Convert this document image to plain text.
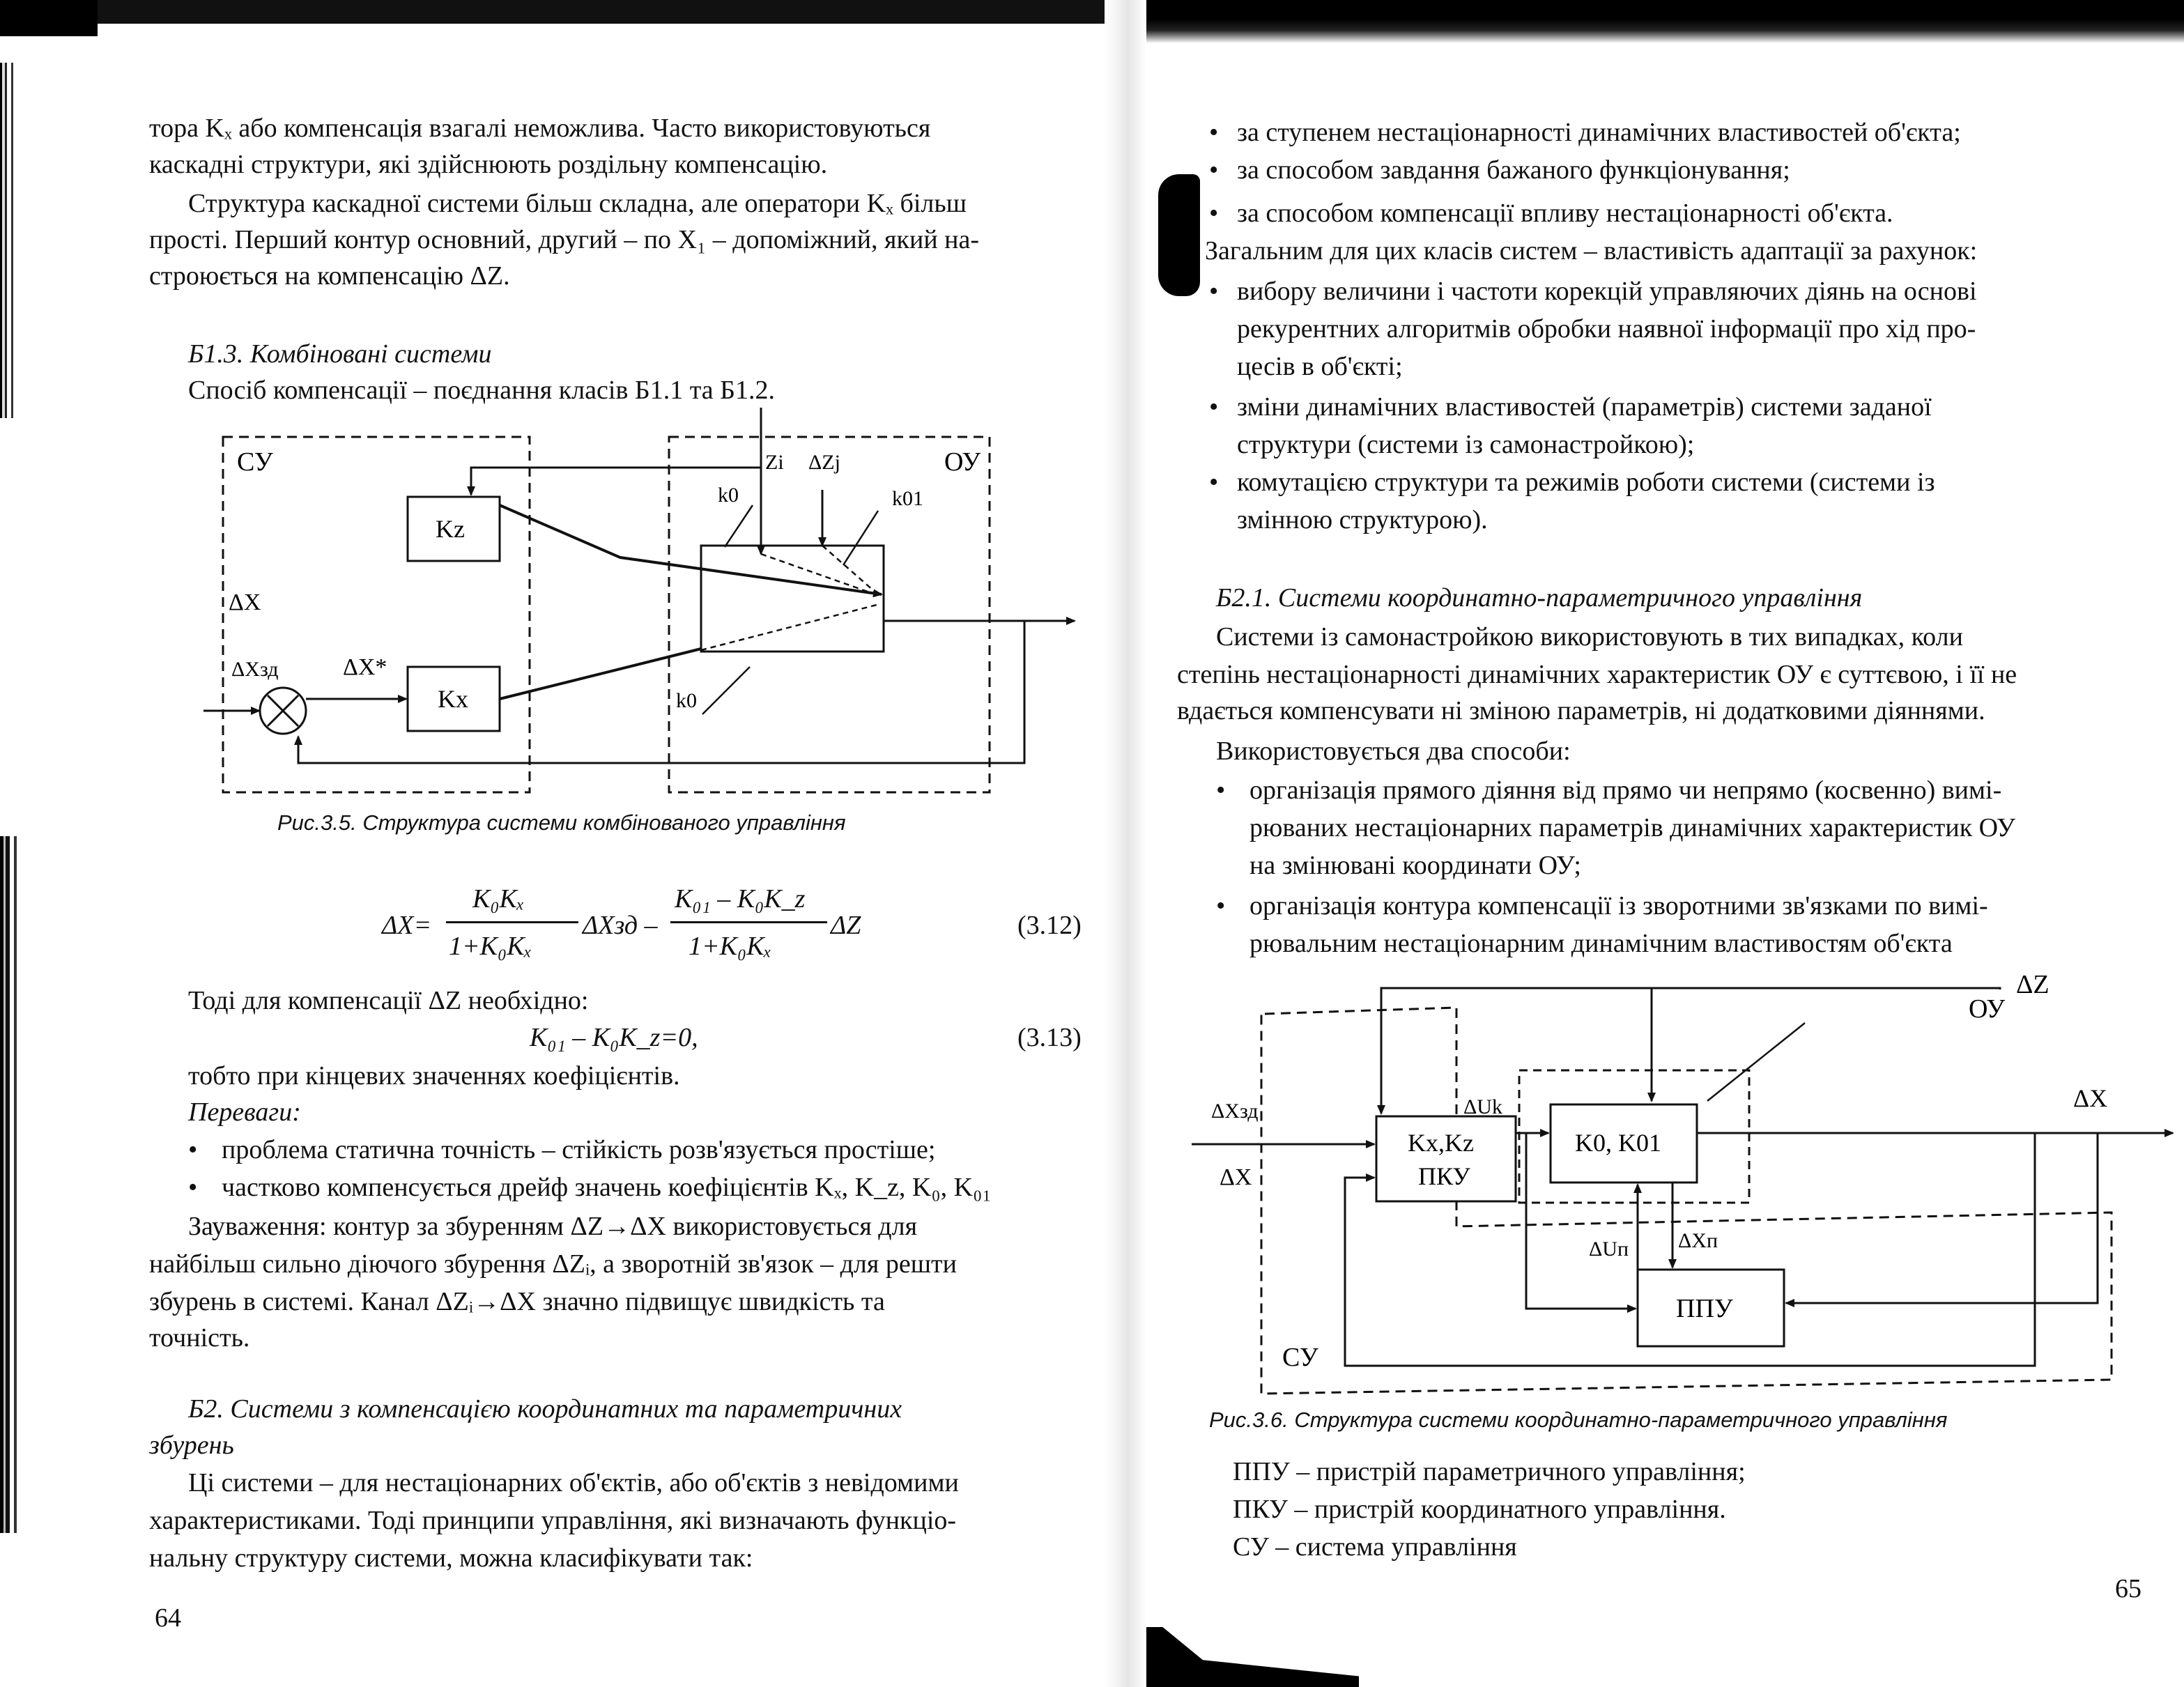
тора Kₓ або компенсація взагалі неможлива. Часто використовуютьcя
каскадні структури, які здійснюють роздільну компенсацію.
Структура каскадної системи більш складна, але оператори Kₓ більш
прості. Перший контур основний, другий – по X₁ – допоміжний, який на-
строюється на компенсацію ΔZ.
Б1.3. Комбіновані системи
Спосіб компенсації – поєднання класів Б1.1 та Б1.2.
СУ	ОУ
Kz
Kx
ΔX
ΔXзд	ΔX*
Zi ΔZj
k0	k01
k0
Рис.3.5. Структура системи комбінованого управління
ΔX=
K₀Kₓ
1+K₀Kₓ
ΔXзд –
K₀₁ – K₀K_z
1+K₀Kₓ
ΔZ	(3.12)
Тоді для компенсації ΔZ необхідно:
K₀₁ – K₀K_z=0,	(3.13)
тобто при кінцевих значеннях коефіцієнтів.
Переваги:
• проблема статична точність – стійкість розв'язується простіше;
• частково компенсується дрейф значень коефіцієнтів Kₓ, K_z, K₀, K₀₁
Зауваження: контур за збуренням ΔZ→ΔX використовується для
найбільш сильно діючого збурення ΔZᵢ, а зворотній зв'язок – для решти
збурень в системі. Канал ΔZᵢ→ΔX значно підвищує швидкість та
точність.
Б2. Системи з компенсацією координатних та параметричних
збурень
Ці системи – для нестаціонарних об'єктів, або об'єктів з невідомими
характеристиками. Тоді принципи управління, які визначають функціо-
нальну структуру системи, можна класифікувати так:
64
• за ступенем нестаціонарності динамічних властивостей об'єкта;
• за способом завдання бажаного функціонування;
• за способом компенсації впливу нестаціонарності об'єкта.
Загальним для цих класів систем – властивість адаптації за рахунок:
• вибору величини і частоти корекцій управляючих діянь на основі
рекурентних алгоритмів обробки наявної інформації про хід про-
цесів в об'єкті;
• зміни динамічних властивостей (параметрів) системи заданої
структури (системи із самонастройкою);
• комутацією структури та режимів роботи системи (системи із
змінною структурою).
Б2.1. Системи координатно-параметричного управління
Системи із самонастройкою використовують в тих випадках, коли
степінь нестаціонарності динамічних характеристик ОУ є суттєвою, і її не
вдається компенсувати ні зміною параметрів, ні додатковими діяннями.
Використовується два способи:
• організація прямого діяння від прямо чи непрямо (косвенно) вимі-
рюваних нестаціонарних параметрів динамічних характеристик ОУ
на змінювані координати ОУ;
• організація контура компенсації із зворотними зв'язками по вимі-
рювальним нестаціонарним динамічним властивостям об'єкта
ΔZ
ОУ
ΔX
ΔXзд
ΔX
ΔUk
Kx,Kz
ПКУ
K0, K01
ΔUп ΔXп
ППУ
СУ
Рис.3.6. Структура системи координатно-параметричного управління
ППУ – пристрій параметричного управління;
ПКУ – пристрій координатного управління.
СУ – система управління
65
